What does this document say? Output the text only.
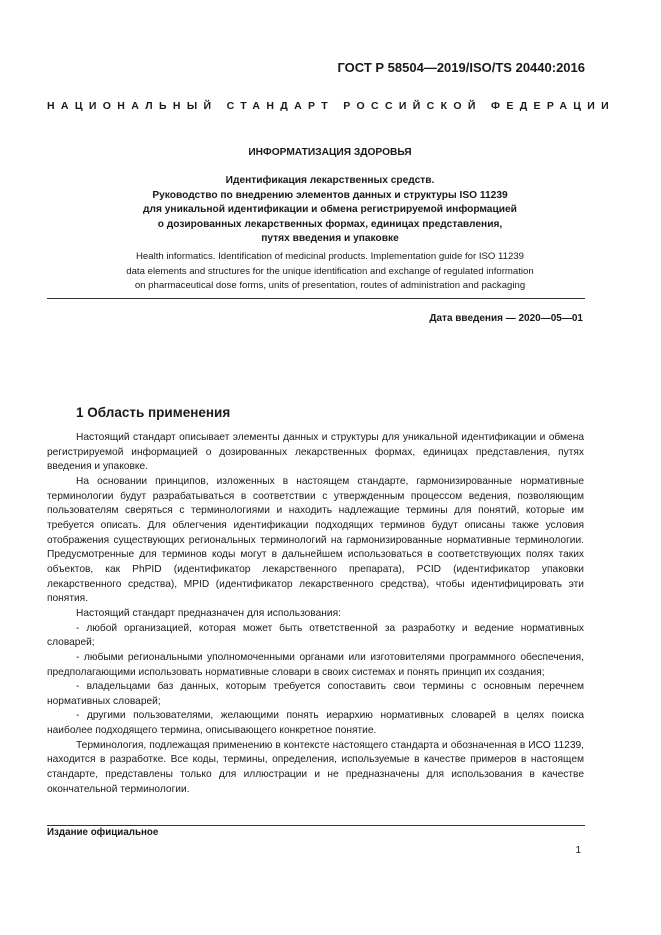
ГОСТ Р 58504—2019/ISO/TS 20440:2016
НАЦИОНАЛЬНЫЙ СТАНДАРТ РОССИЙСКОЙ ФЕДЕРАЦИИ
ИНФОРМАТИЗАЦИЯ ЗДОРОВЬЯ
Идентификация лекарственных средств.
Руководство по внедрению элементов данных и структуры ISO 11239
для уникальной идентификации и обмена регистрируемой информацией
о дозированных лекарственных формах, единицах представления,
путях введения и упаковке
Health informatics. Identification of medicinal products. Implementation guide for ISO 11239
data elements and structures for the unique identification and exchange of regulated information
on pharmaceutical dose forms, units of presentation, routes of administration and packaging
Дата введения — 2020—05—01
1 Область применения

Настоящий стандарт описывает элементы данных и структуры для уникальной идентификации и обмена регистрируемой информацией о дозированных лекарственных формах, единицах представления, путях введения и упаковке.

На основании принципов, изложенных в настоящем стандарте, гармонизированные нормативные терминологии будут разрабатываться в соответствии с утвержденным процессом ведения, позволяющим пользователям сверяться с терминологиями и находить надлежащие термины для понятий, которые им требуется описать. Для облегчения идентификации подходящих терминов будут описаны также условия отображения существующих региональных терминологий на гармонизированные нормативные терминологии. Предусмотренные для терминов коды могут в дальнейшем использоваться в соответствующих полях таких объектов, как PhPID (идентификатор лекарственного препарата), PCID (идентификатор упаковки лекарственного средства), MPID (идентификатор лекарственного средства), чтобы идентифицировать эти понятия.

Настоящий стандарт предназначен для использования:

- любой организацией, которая может быть ответственной за разработку и ведение нормативных словарей;

- любыми региональными уполномоченными органами или изготовителями программного обеспечения, предполагающими использовать нормативные словари в своих системах и понять принцип их создания;

- владельцами баз данных, которым требуется сопоставить свои термины с основным перечнем нормативных словарей;

- другими пользователями, желающими понять иерархию нормативных словарей в целях поиска наиболее подходящего термина, описывающего конкретное понятие.

Терминология, подлежащая применению в контексте настоящего стандарта и обозначенная в ИСО 11239, находится в разработке. Все коды, термины, определения, используемые в качестве примеров в настоящем стандарте, представлены только для иллюстрации и не предназначены для использования в качестве окончательной терминологии.

Издание официальное
1
